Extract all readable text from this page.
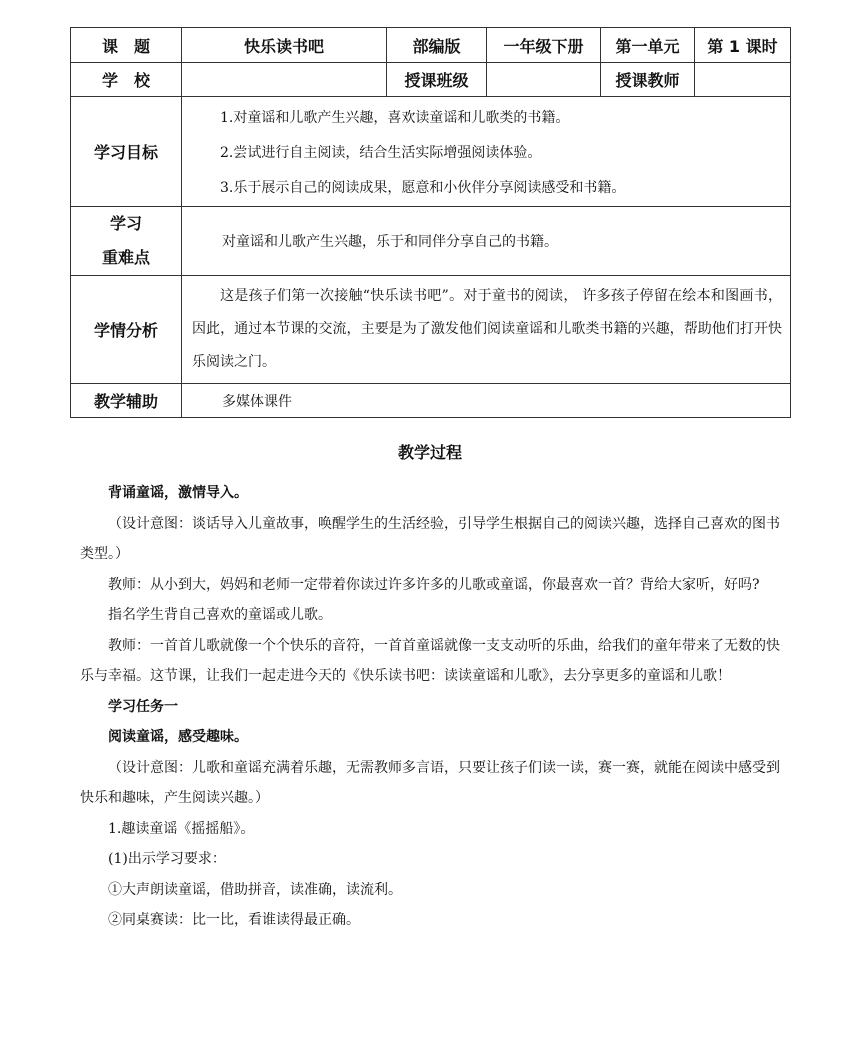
课　题	快乐读书吧	部编版	一年级下册	第一单元	第 1 课时
学　校		授课班级		授课教师	
学习目标	1.对童谣和儿歌产生兴趣，喜欢读童谣和儿歌类的书籍。
2.尝试进行自主阅读，结合生活实际增强阅读体验。
3.乐于展示自己的阅读成果，愿意和小伙伴分享阅读感受和书籍。				

学习
重难点	对童谣和儿歌产生兴趣，乐于和同伴分享自己的书籍。				
学情分析	这是孩子们第一次接触“快乐读书吧”。对于童书的阅读， 许多孩子停留在绘本和图画书，因此，通过本节课的交流，主要是为了激发他们阅读童谣和儿歌类书籍的兴趣，帮助他们打开快乐阅读之门。				
教学辅助	多媒体课件				
教学过程

背诵童谣，激情导入。

（设计意图：谈话导入儿童故事，唤醒学生的生活经验，引导学生根据自己的阅读兴趣，选择自己喜欢的图书类型。）

教师：从小到大，妈妈和老师一定带着你读过许多许多的儿歌或童谣，你最喜欢一首？背给大家听，好吗?

指名学生背自己喜欢的童谣或儿歌。

教师：一首首儿歌就像一个个快乐的音符，一首首童谣就像一支支动听的乐曲，给我们的童年带来了无数的快乐与幸福。这节课，让我们一起走进今天的《快乐读书吧：读读童谣和儿歌》，去分享更多的童谣和儿歌！

学习任务一

阅读童谣，感受趣味。

（设计意图：儿歌和童谣充满着乐趣，无需教师多言语，只要让孩子们读一读，赛一赛，就能在阅读中感受到快乐和趣味，产生阅读兴趣。）

1.趣读童谣《摇摇船》。

(1)出示学习要求：

①大声朗读童谣，借助拼音，读准确，读流利。

②同桌赛读：比一比，看谁读得最正确。
